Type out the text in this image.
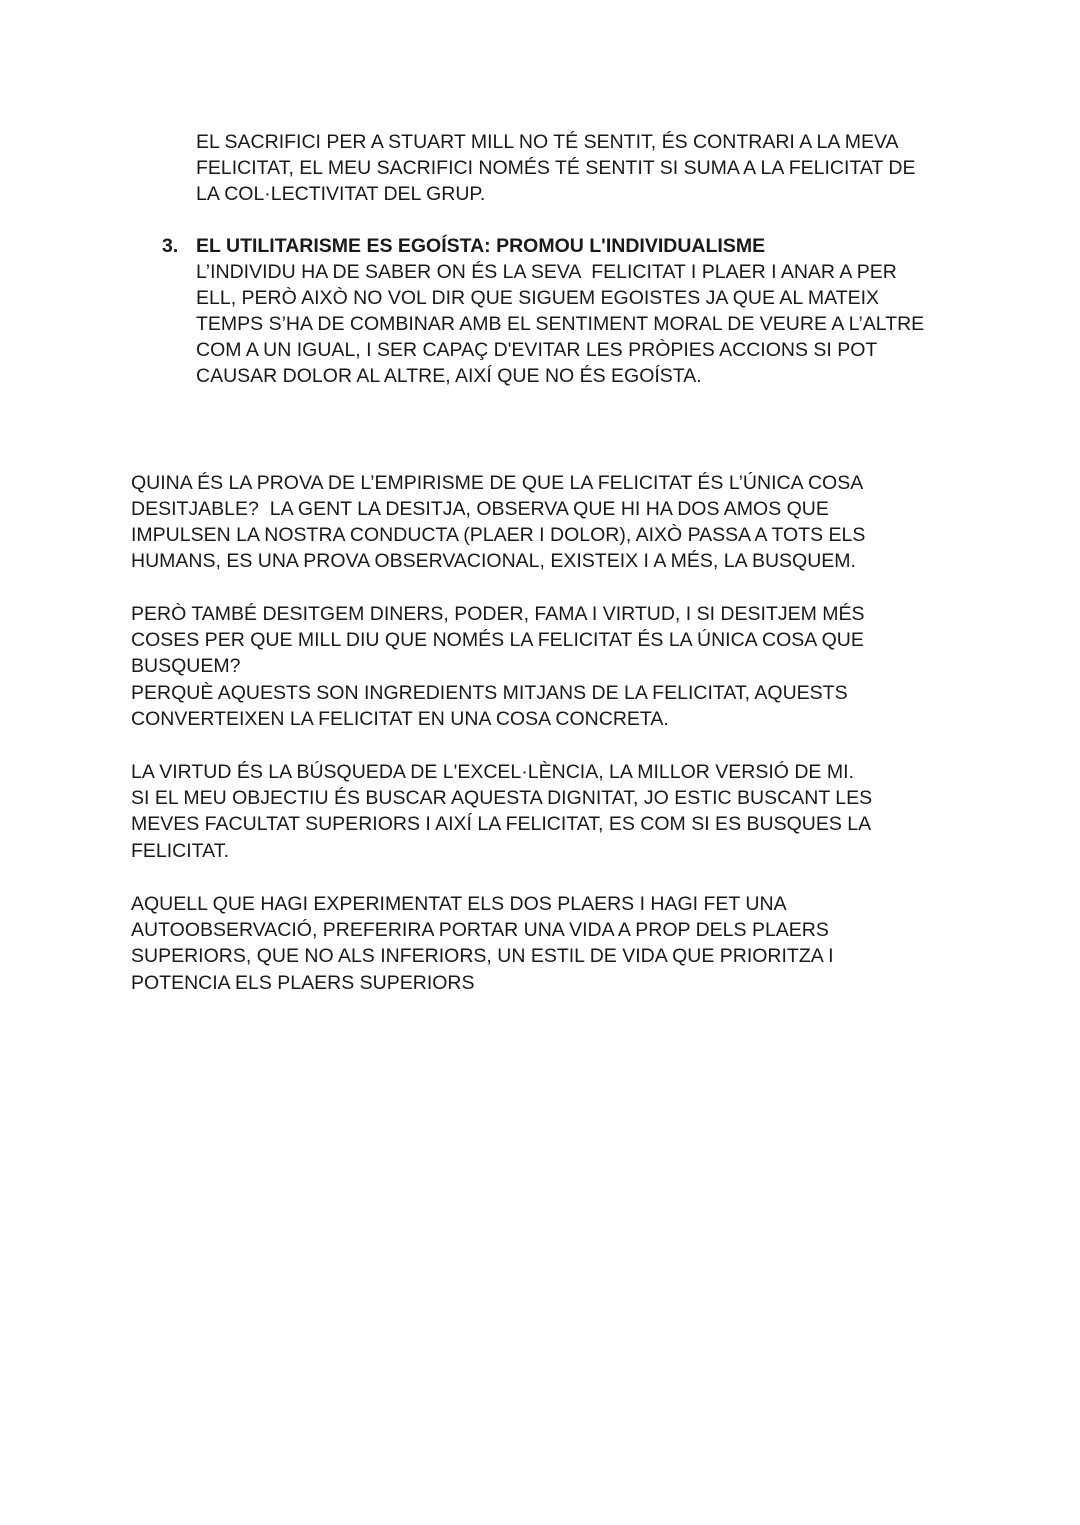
EL SACRIFICI PER A STUART MILL NO TÉ SENTIT, ÉS CONTRARI A LA MEVA
FELICITAT, EL MEU SACRIFICI NOMÉS TÉ SENTIT SI SUMA A LA FELICITAT DE
LA COL·LECTIVITAT DEL GRUP.
3. EL UTILITARISME ES EGOÍSTA: PROMOU L'INDIVIDUALISME
L’INDIVIDU HA DE SABER ON ÉS LA SEVA  FELICITAT I PLAER I ANAR A PER
ELL, PERÒ AIXÒ NO VOL DIR QUE SIGUEM EGOISTES JA QUE AL MATEIX
TEMPS S’HA DE COMBINAR AMB EL SENTIMENT MORAL DE VEURE A L’ALTRE
COM A UN IGUAL, I SER CAPAÇ D'EVITAR LES PRÒPIES ACCIONS SI POT
CAUSAR DOLOR AL ALTRE, AIXÍ QUE NO ÉS EGOÍSTA.
QUINA ÉS LA PROVA DE L’EMPIRISME DE QUE LA FELICITAT ÉS L’ÚNICA COSA
DESITJABLE?  LA GENT LA DESITJA, OBSERVA QUE HI HA DOS AMOS QUE
IMPULSEN LA NOSTRA CONDUCTA (PLAER I DOLOR), AIXÒ PASSA A TOTS ELS
HUMANS, ES UNA PROVA OBSERVACIONAL, EXISTEIX I A MÉS, LA BUSQUEM.
PERÒ TAMBÉ DESITGEM DINERS, PODER, FAMA I VIRTUD, I SI DESITJEM MÉS
COSES PER QUE MILL DIU QUE NOMÉS LA FELICITAT ÉS LA ÚNICA COSA QUE
BUSQUEM?
PERQUÈ AQUESTS SON INGREDIENTS MITJANS DE LA FELICITAT, AQUESTS
CONVERTEIXEN LA FELICITAT EN UNA COSA CONCRETA.
LA VIRTUD ÉS LA BÚSQUEDA DE L'EXCEL·LÈNCIA, LA MILLOR VERSIÓ DE MI.
SI EL MEU OBJECTIU ÉS BUSCAR AQUESTA DIGNITAT, JO ESTIC BUSCANT LES
MEVES FACULTAT SUPERIORS I AIXÍ LA FELICITAT, ES COM SI ES BUSQUES LA
FELICITAT.
AQUELL QUE HAGI EXPERIMENTAT ELS DOS PLAERS I HAGI FET UNA
AUTOOBSERVACIÓ, PREFERIRA PORTAR UNA VIDA A PROP DELS PLAERS
SUPERIORS, QUE NO ALS INFERIORS, UN ESTIL DE VIDA QUE PRIORITZA I
POTENCIA ELS PLAERS SUPERIORS
